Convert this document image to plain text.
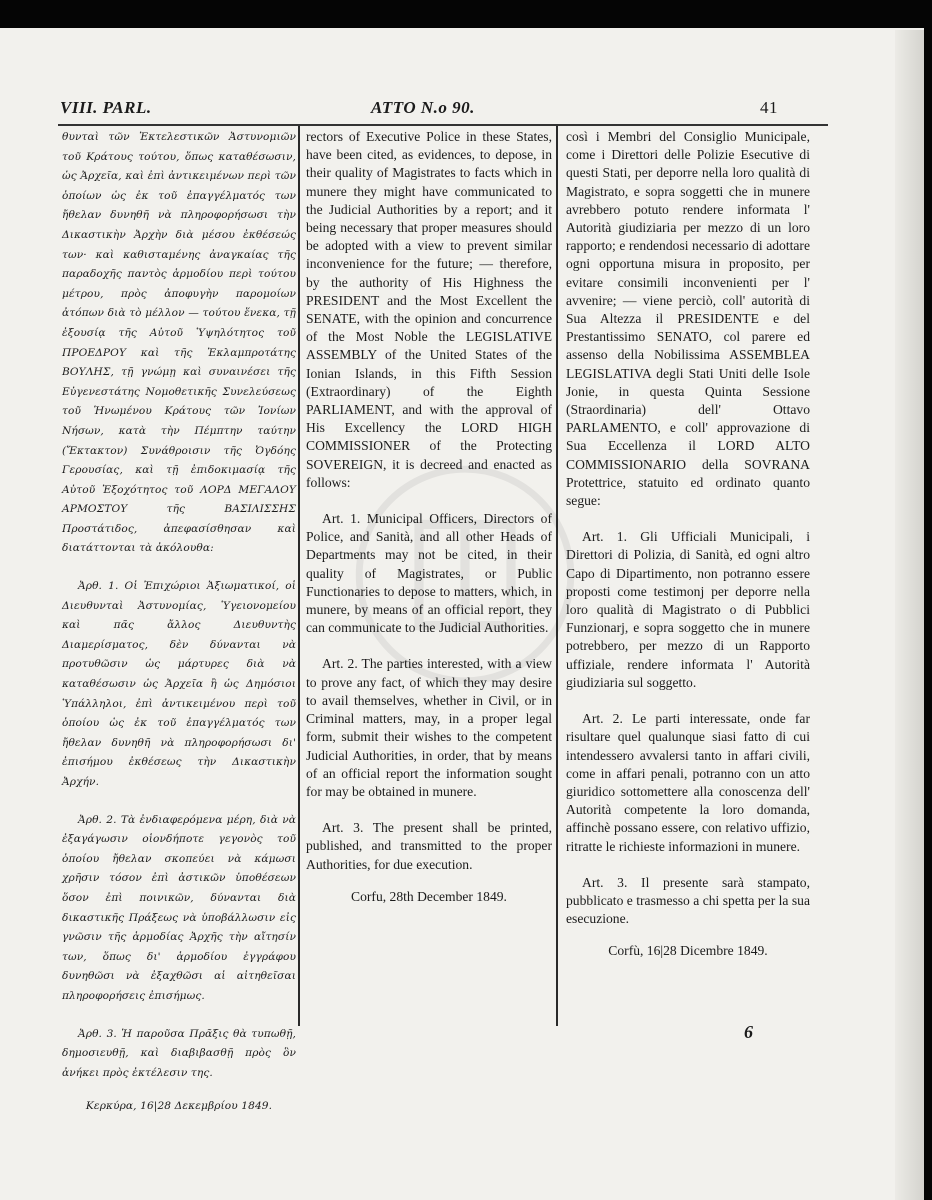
VIII. PARL.	ATTO N.o 90.	41

θυνταὶ τῶν Ἐκτελεστικῶν Ἀστυνομιῶν τοῦ Κράτους τούτου, ὅπως καταθέσωσιν, ὡς Ἀρχεῖα, καὶ ἐπὶ ἀντικειμένων περὶ τῶν ὁποίων ὡς ἐκ τοῦ ἐπαγγέλματός των ἤθελαν δυνηθῆ νὰ πληροφορήσωσι τὴν Δικαστικὴν Ἀρχὴν διὰ μέσου ἐκθέσεώς των· καὶ καθισταμένης ἀναγκαίας τῆς παραδοχῆς παντὸς ἁρμοδίου περὶ τούτου μέτρου, πρὸς ἀποφυγὴν παρομοίων ἀτόπων διὰ τὸ μέλλον — τούτου ἕνεκα, τῇ ἐξουσίᾳ τῆς Αὐτοῦ Ὑψηλότητος τοῦ ΠΡΟΕΔΡΟΥ καὶ τῆς Ἐκλαμπροτάτης ΒΟΥΛΗΣ, τῇ γνώμῃ καὶ συναινέσει τῆς Εὐγενεστάτης Νομοθετικῆς Συνελεύσεως τοῦ Ἡνωμένου Κράτους τῶν Ἰονίων Νήσων, κατὰ τὴν Πέμπτην ταύτην (Ἔκτακτον) Συνάθροισιν τῆς Ὀγδόης Γερουσίας, καὶ τῇ ἐπιδοκιμασίᾳ τῆς Αὐτοῦ Ἐξοχότητος τοῦ ΛΟΡΔ ΜΕΓΑΛΟΥ ΑΡΜΟΣΤΟΥ τῆς ΒΑΣΙΛΙΣΣΗΣ Προστάτιδος, ἀπεφασίσθησαν καὶ διατάττονται τὰ ἀκόλουθα:

Ἀρθ. 1. Οἱ Ἐπιχώριοι Ἀξιωματικοί, οἱ Διευθυνταὶ Ἀστυνομίας, Ὑγειονομείου καὶ πᾶς ἄλλος Διευθυντὴς Διαμερίσματος, δὲν δύνανται νὰ προτυθῶσιν ὡς μάρτυρες διὰ νὰ καταθέσωσιν ὡς Ἀρχεῖα ἢ ὡς Δημόσιοι Ὑπάλληλοι, ἐπὶ ἀντικειμένου περὶ τοῦ ὁποίου ὡς ἐκ τοῦ ἐπαγγέλματός των ἤθελαν δυνηθῆ νὰ πληροφορήσωσι δι' ἐπισήμου ἐκθέσεως τὴν Δικαστικὴν Ἀρχήν.

Ἀρθ. 2. Τὰ ἐνδιαφερόμενα μέρη, διὰ νὰ ἐξαγάγωσιν οἱονδήποτε γεγονὸς τοῦ ὁποίου ἤθελαν σκοπεύει νὰ κάμωσι χρῆσιν τόσον ἐπὶ ἀστικῶν ὑποθέσεων ὅσον ἐπὶ ποινικῶν, δύνανται διὰ δικαστικῆς Πράξεως νὰ ὑποβάλλωσιν εἰς γνῶσιν τῆς ἁρμοδίας Ἀρχῆς τὴν αἴτησίν των, ὅπως δι' ἁρμοδίου ἐγγράφου δυνηθῶσι νὰ ἐξαχθῶσι αἱ αἰτηθεῖσαι πληροφορήσεις ἐπισήμως.

Ἀρθ. 3. Ἡ παροῦσα Πρᾶξις θὰ τυπωθῇ, δημοσιευθῇ, καὶ διαβιβασθῇ πρὸς ὃν ἀνήκει πρὸς ἐκτέλεσιν της.

Κερκύρα, 16|28 Δεκεμβρίου 1849.

rectors of Executive Police in these States, have been cited, as evidences, to depose, in their quality of Magistrates to facts which in munere they might have communicated to the Judicial Authorities by a report; and it being necessary that proper measures should be adopted with a view to prevent similar inconvenience for the future; — therefore, by the authority of His Highness the PRESIDENT and the Most Excellent the SENATE, with the opinion and concurrence of the Most Noble the LEGISLATIVE ASSEMBLY of the United States of the Ionian Islands, in this Fifth Session (Extraordinary) of the Eighth PARLIAMENT, and with the approval of His Excellency the LORD HIGH COMMISSIONER of the Protecting SOVEREIGN, it is decreed and enacted as follows:

Art. 1. Municipal Officers, Directors of Police, and Sanità, and all other Heads of Departments may not be cited, in their quality of Magistrates, or Public Functionaries to depose to matters, which, in munere, by means of an official report, they can communicate to the Judicial Authorities.

Art. 2. The parties interested, with a view to prove any fact, of which they may desire to avail themselves, whether in Civil, or in Criminal matters, may, in a proper legal form, submit their wishes to the competent Judicial Authorities, in order, that by means of an official report the information sought for may be obtained in munere.

Art. 3. The present shall be printed, published, and transmitted to the proper Authorities, for due execution.

Corfu, 28th December 1849.

così i Membri del Consiglio Municipale, come i Direttori delle Polizie Esecutive di questi Stati, per deporre nella loro qualità di Magistrato, e sopra soggetti che in munere avrebbero potuto rendere informata l' Autorità giudiziaria per mezzo di un loro rapporto; e rendendosi necessario di adottare ogni opportuna misura in proposito, per evitare consimili inconvenienti per l' avvenire; — viene perciò, coll' autorità di Sua Altezza il PRESIDENTE e del Prestantissimo SENATO, col parere ed assenso della Nobilissima ASSEMBLEA LEGISLATIVA degli Stati Uniti delle Isole Jonie, in questa Quinta Sessione (Straordinaria) dell' Ottavo PARLAMENTO, e coll' approvazione di Sua Eccellenza il LORD ALTO COMMISSIONARIO della SOVRANA Protettrice, statuito ed ordinato quanto segue:

Art. 1. Gli Ufficiali Municipali, i Direttori di Polizia, di Sanità, ed ogni altro Capo di Dipartimento, non potranno essere proposti come testimonj per deporre nella loro qualità di Magistrato o di Pubblici Funzionarj, e sopra soggetto che in munere potrebbero, per mezzo di un Rapporto uffiziale, rendere informata l' Autorità giudiziaria sul soggetto.

Art. 2. Le parti interessate, onde far risultare quel qualunque siasi fatto di cui intendessero avvalersi tanto in affari civili, come in affari penali, potranno con un atto giuridico sottomettere alla conoscenza dell' Autorità competente la loro domanda, affinchè possano essere, con relativo uffizio, ritratte le richieste informazioni in munere.

Art. 3. Il presente sarà stampato, pubblicato e trasmesso a chi spetta per la sua esecuzione.

Corfù, 16|28 Dicembre 1849.

6
